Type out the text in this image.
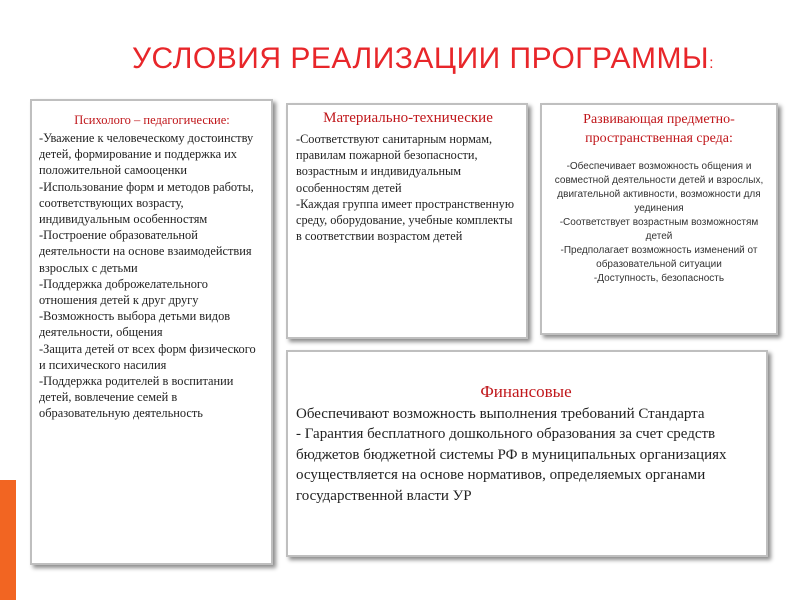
УСЛОВИЯ РЕАЛИЗАЦИИ ПРОГРАММЫ:
Психолого – педагогические:
-Уважение к человеческому достоинству детей, формирование и поддержка их положительной самооценки
-Использование форм и методов работы, соответствующих возрасту, индивидуальным особенностям
-Построение образовательной деятельности на основе взаимодействия взрослых с детьми
-Поддержка доброжелательного отношения детей к друг другу
-Возможность выбора детьми видов деятельности, общения
-Защита детей от всех форм физического и психического насилия
-Поддержка родителей в воспитании детей, вовлечение семей в образовательную деятельность
Материально-технические
-Соответствуют санитарным нормам, правилам пожарной безопасности, возрастным и индивидуальным особенностям детей
-Каждая группа имеет пространственную среду, оборудование, учебные комплекты в соответствии возрастом детей
Развивающая предметно-пространственная среда:
-Обеспечивает возможность общения и совместной деятельности детей и взрослых, двигательной активности, возможности для уединения
-Соответствует возрастным возможностям детей
-Предполагает возможность изменений от образовательной ситуации
-Доступность, безопасность
Финансовые
Обеспечивают возможность выполнения требований Стандарта
- Гарантия бесплатного дошкольного образования за счет средств бюджетов бюджетной системы РФ в муниципальных организациях осуществляется на основе нормативов, определяемых органами государственной власти УР
